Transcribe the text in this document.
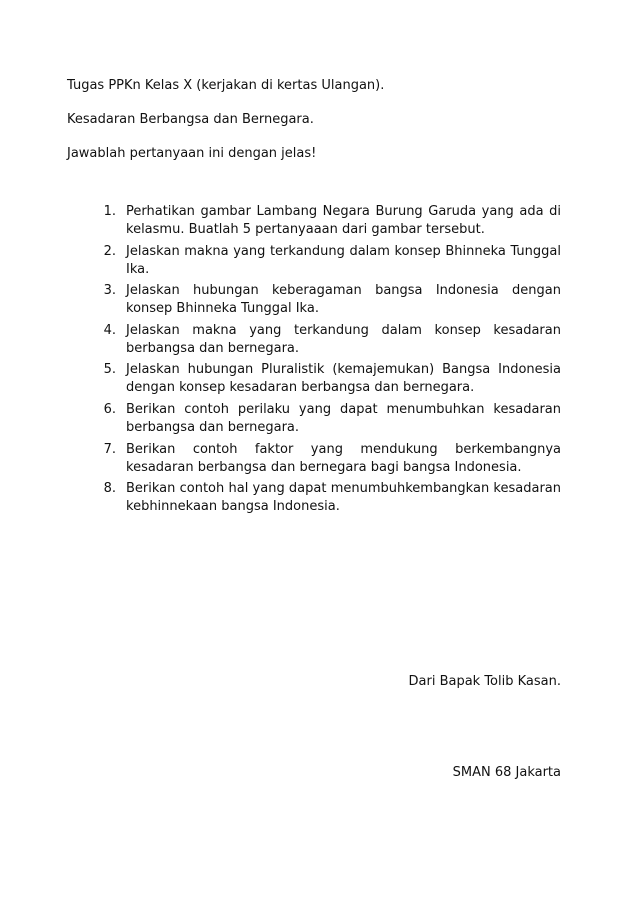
Tugas PPKn Kelas X (kerjakan di kertas Ulangan).

Kesadaran Berbangsa dan Bernegara.

Jawablah pertanyaan ini dengan jelas!

1. Perhatikan gambar Lambang Negara Burung Garuda yang ada di kelasmu. Buatlah 5 pertanyaaan dari gambar tersebut.
2. Jelaskan makna yang terkandung dalam konsep Bhinneka Tunggal Ika.
3. Jelaskan hubungan keberagaman bangsa Indonesia dengan konsep Bhinneka Tunggal Ika.
4. Jelaskan makna yang terkandung dalam konsep kesadaran berbangsa dan bernegara.
5. Jelaskan hubungan Pluralistik (kemajemukan) Bangsa Indonesia dengan konsep kesadaran berbangsa dan bernegara.
6. Berikan contoh perilaku yang dapat menumbuhkan kesadaran berbangsa dan bernegara.
7. Berikan contoh faktor yang mendukung berkembangnya kesadaran berbangsa dan bernegara bagi bangsa Indonesia.
8. Berikan contoh hal yang dapat menumbuhkembangkan kesadaran kebhinnekaan bangsa Indonesia.

Dari Bapak Tolib Kasan.

SMAN 68 Jakarta
